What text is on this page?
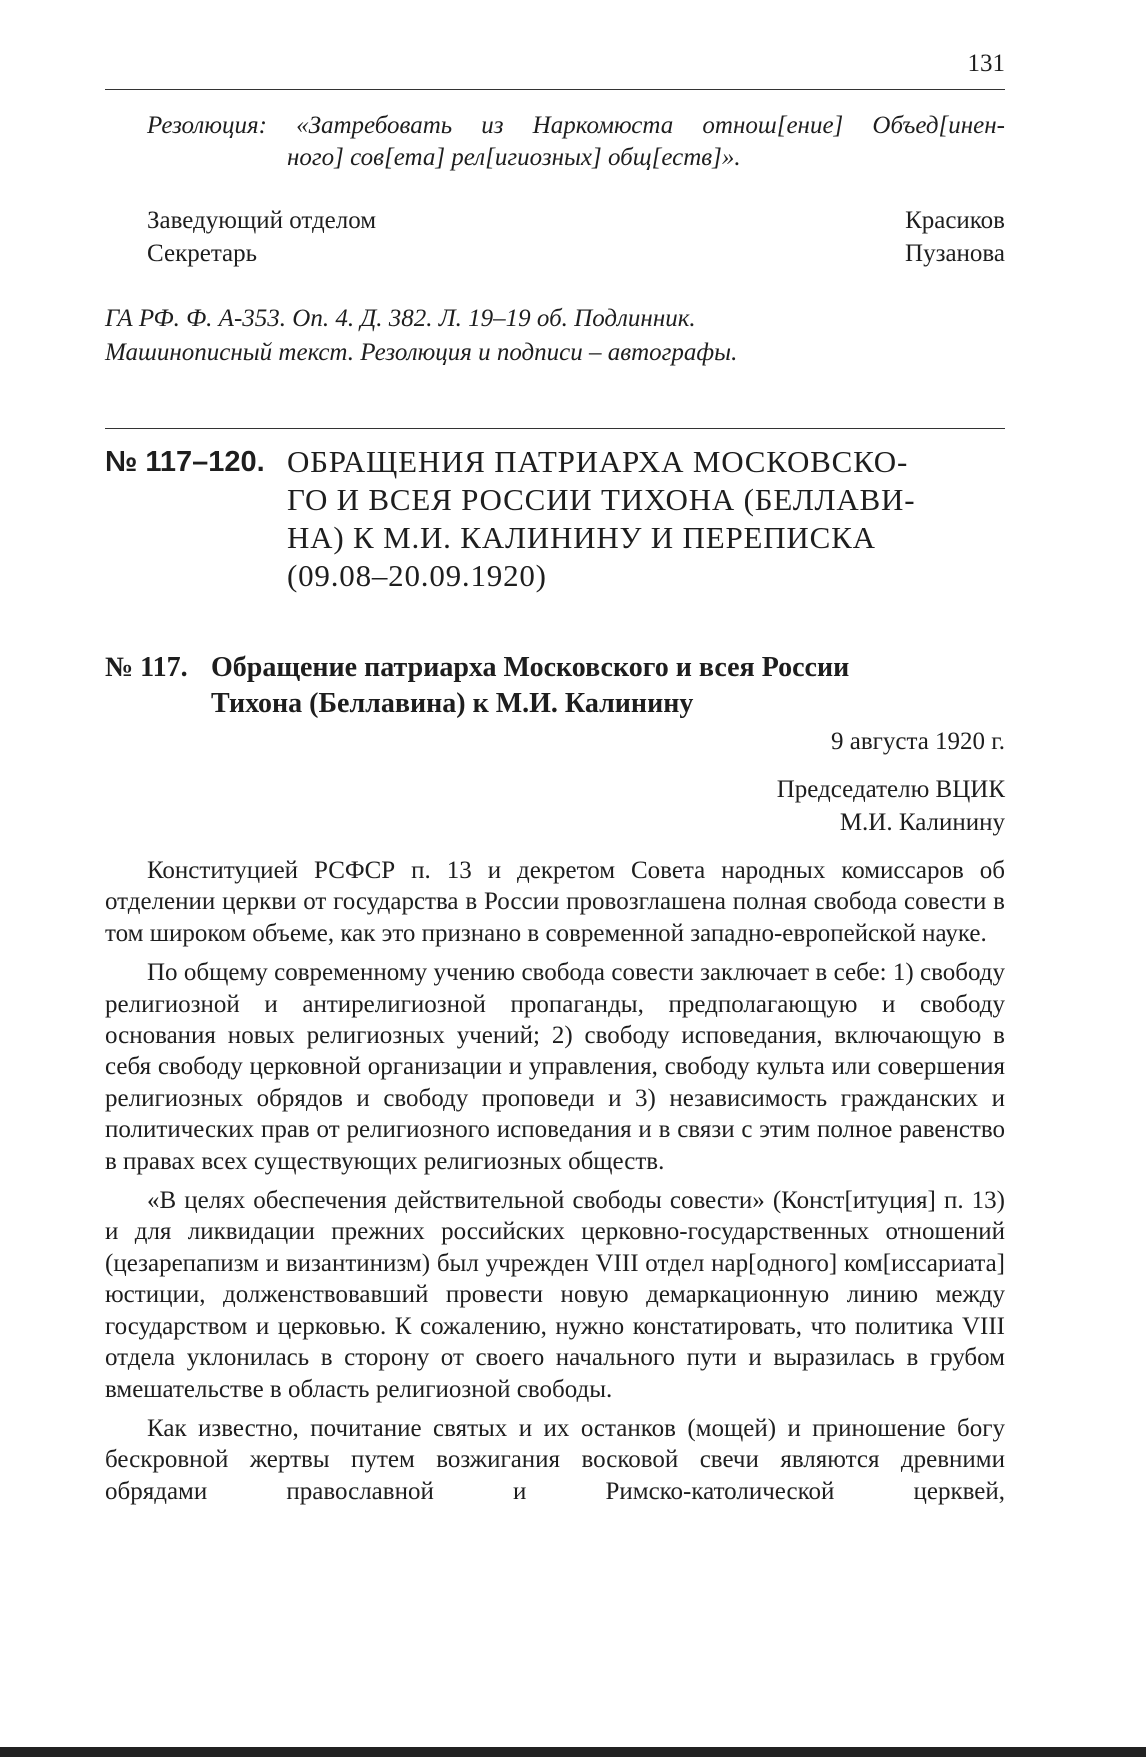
131
Резолюция: «Затребовать из Наркомюста отнош[ение] Объед[инен-
ного] сов[ета] рел[игиозных] общ[еств]».
Заведующий отделом	Красиков
Секретарь	Пузанова
ГА РФ. Ф. А-353. Оп. 4. Д. 382. Л. 19–19 об. Подлинник.
Машинописный текст. Резолюция и подписи – автографы.
№ 117–120. ОБРАЩЕНИЯ ПАТРИАРХА МОСКОВСКО-
ГО И ВСЕЯ РОССИИ ТИХОНА (БЕЛЛАВИ-
НА) К М.И. КАЛИНИНУ И ПЕРЕПИСКА
(09.08–20.09.1920)
№ 117. Обращение патриарха Московского и всея России
Тихона (Беллавина) к М.И. Калинину
9 августа 1920 г.
Председателю ВЦИК
М.И. Калинину

Конституцией РСФСР п. 13 и декретом Совета народных комиссаров об отделении церкви от государства в России провозглашена полная свобода совести в том широком объеме, как это признано в современной западно-европейской науке.

По общему современному учению свобода совести заключает в себе: 1) свободу религиозной и антирелигиозной пропаганды, предполагающую и свободу основания новых религиозных учений; 2) свободу исповедания, включающую в себя свободу церковной организации и управления, свободу культа или совершения религиозных обрядов и свободу проповеди и 3) независимость гражданских и политических прав от религиозного исповедания и в связи с этим полное равенство в правах всех существующих религиозных обществ.

«В целях обеспечения действительной свободы совести» (Конст[итуция] п. 13) и для ликвидации прежних российских церковно-государственных отношений (цезарепапизм и византинизм) был учрежден VIII отдел нар[одного] ком[иссариата] юстиции, долженствовавший провести новую демаркационную линию между государством и церковью. К сожалению, нужно констатировать, что политика VIII отдела уклонилась в сторону от своего начального пути и выразилась в грубом вмешательстве в область религиозной свободы.

Как известно, почитание святых и их останков (мощей) и приношение богу бескровной жертвы путем возжигания восковой свечи являются древними обрядами православной и Римско-католической церквей,
